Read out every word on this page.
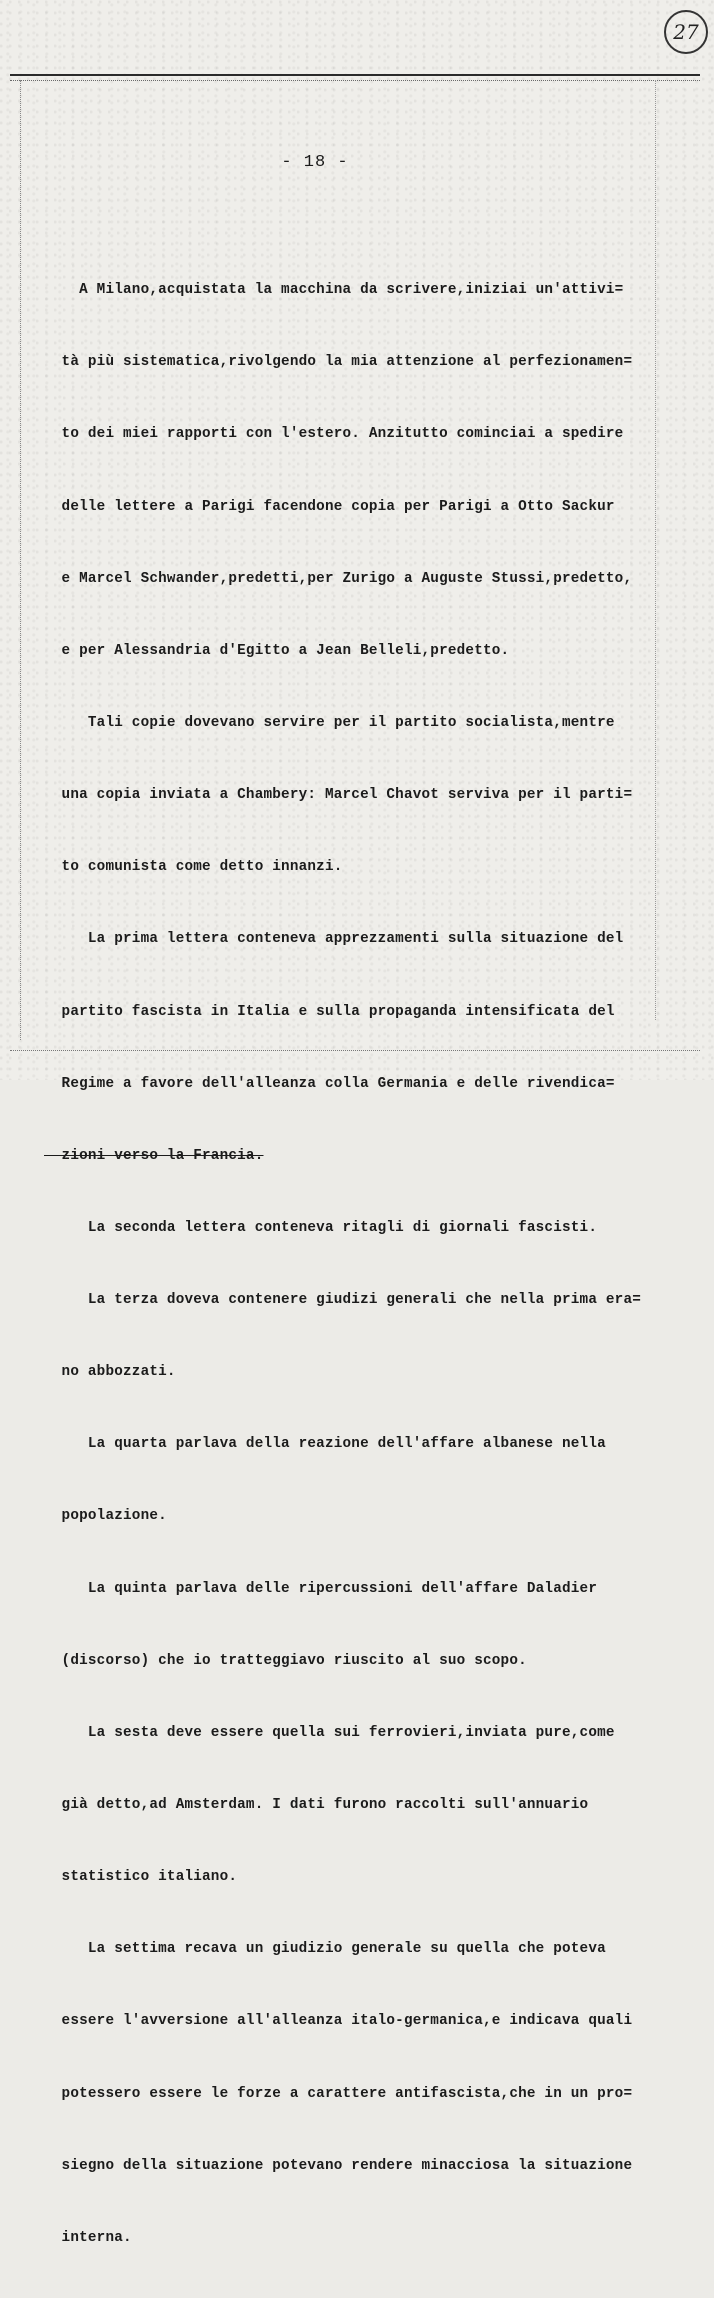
27
- 18 -

A Milano,acquistata la macchina da scrivere,iniziai un'attivi=

tà più sistematica,rivolgendo la mia attenzione al perfezionamen=

to dei miei rapporti con l'estero. Anzitutto cominciai a spedire

delle lettere a Parigi facendone copia per Parigi a Otto Sackur

e Marcel Schwander,predetti,per Zurigo a Auguste Stussi,predetto,

e per Alessandria d'Egitto a Jean Belleli,predetto.

Tali copie dovevano servire per il partito socialista,mentre

una copia inviata a Chambery: Marcel Chavot serviva per il parti=

to comunista come detto innanzi.

La prima lettera conteneva apprezzamenti sulla situazione del

partito fascista in Italia e sulla propaganda intensificata del

Regime a favore dell'alleanza colla Germania e delle rivendica=

zioni verso la Francia.

La seconda lettera conteneva ritagli di giornali fascisti.

La terza doveva contenere giudizi generali che nella prima era=

no abbozzati.

La quarta parlava della reazione dell'affare albanese nella

popolazione.

La quinta parlava delle ripercussioni dell'affare Daladier

(discorso) che io tratteggiavo riuscito al suo scopo.

La sesta deve essere quella sui ferrovieri,inviata pure,come

già detto,ad Amsterdam. I dati furono raccolti sull'annuario

statistico italiano.

La settima recava un giudizio generale su quella che poteva

essere l'avversione all'alleanza italo-germanica,e indicava quali

potessero essere le forze a carattere antifascista,che in un pro=

siegno della situazione potevano rendere minacciosa la situazione

interna.
